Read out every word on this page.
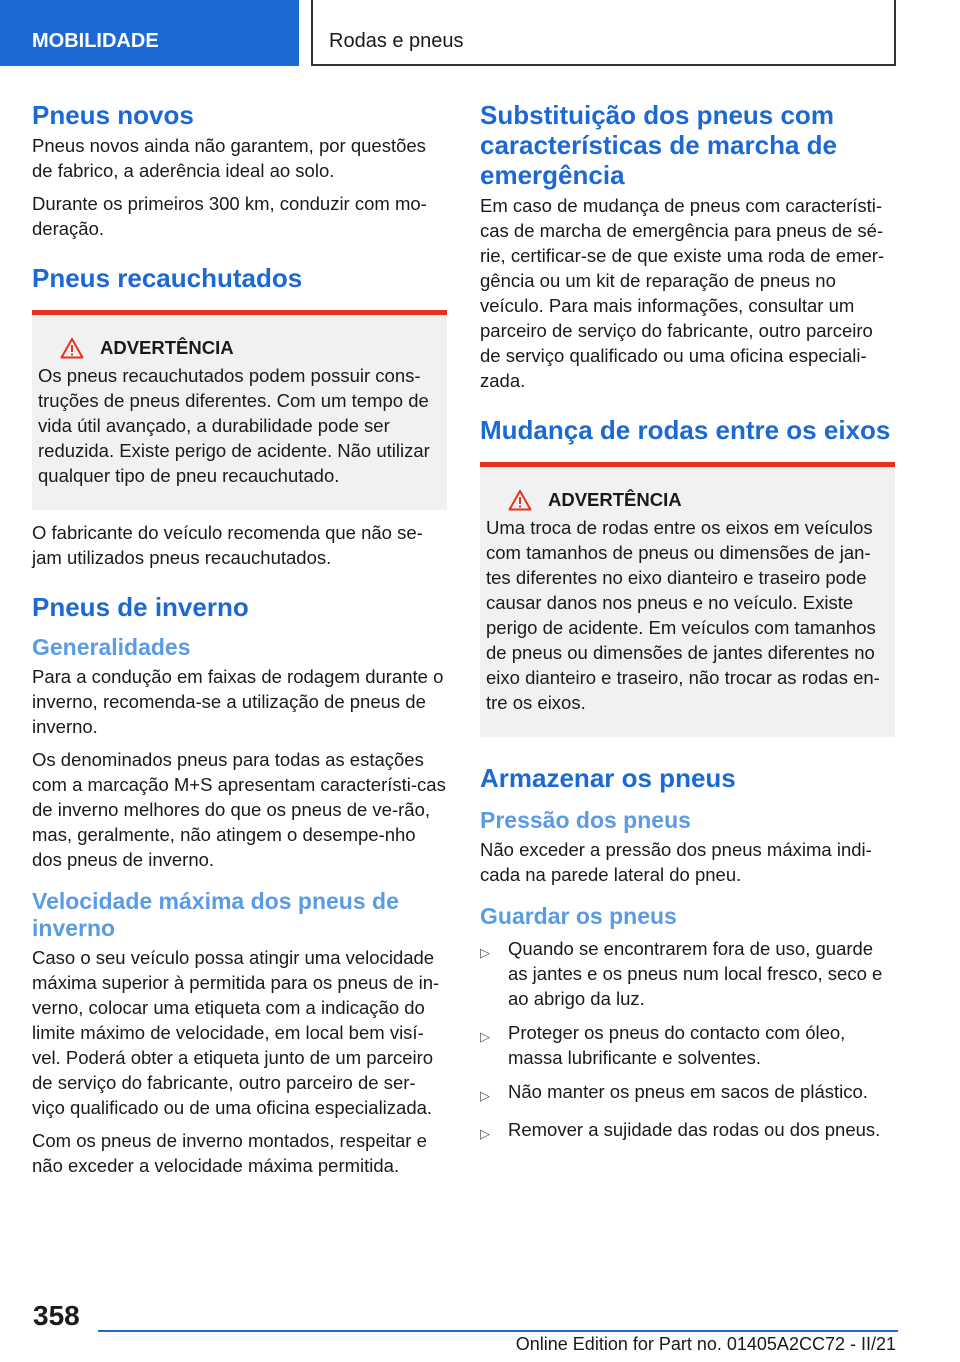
MOBILIDADE	Rodas e pneus
Pneus novos
Pneus novos ainda não garantem, por questões de fabrico, a aderência ideal ao solo.
Durante os primeiros 300 km, conduzir com mo‐deração.
Pneus recauchutados
ADVERTÊNCIA
Os pneus recauchutados podem possuir cons‐truções de pneus diferentes. Com um tempo de vida útil avançado, a durabilidade pode ser reduzida. Existe perigo de acidente. Não utilizar qualquer tipo de pneu recauchutado.
O fabricante do veículo recomenda que não se‐jam utilizados pneus recauchutados.
Pneus de inverno
Generalidades
Para a condução em faixas de rodagem durante o inverno, recomenda-se a utilização de pneus de inverno.
Os denominados pneus para todas as estações com a marcação M+S apresentam característi‐cas de inverno melhores do que os pneus de ve‐rão, mas, geralmente, não atingem o desempe‐nho dos pneus de inverno.
Velocidade máxima dos pneus de inverno
Caso o seu veículo possa atingir uma velocidade máxima superior à permitida para os pneus de in‐verno, colocar uma etiqueta com a indicação do limite máximo de velocidade, em local bem visí‐vel. Poderá obter a etiqueta junto de um parceiro de serviço do fabricante, outro parceiro de ser‐viço qualificado ou de uma oficina especializada.
Com os pneus de inverno montados, respeitar e não exceder a velocidade máxima permitida.
Substituição dos pneus com características de marcha de emergência
Em caso de mudança de pneus com característi‐cas de marcha de emergência para pneus de sé‐rie, certificar-se de que existe uma roda de emer‐gência ou um kit de reparação de pneus no veículo. Para mais informações, consultar um parceiro de serviço do fabricante, outro parceiro de serviço qualificado ou uma oficina especiali‐zada.
Mudança de rodas entre os eixos
ADVERTÊNCIA
Uma troca de rodas entre os eixos em veículos com tamanhos de pneus ou dimensões de jan‐tes diferentes no eixo dianteiro e traseiro pode causar danos nos pneus e no veículo. Existe perigo de acidente. Em veículos com tamanhos de pneus ou dimensões de jantes diferentes no eixo dianteiro e traseiro, não trocar as rodas en‐tre os eixos.
Armazenar os pneus
Pressão dos pneus
Não exceder a pressão dos pneus máxima indi‐cada na parede lateral do pneu.
Guardar os pneus
▷ Quando se encontrarem fora de uso, guarde as jantes e os pneus num local fresco, seco e ao abrigo da luz.
▷ Proteger os pneus do contacto com óleo, massa lubrificante e solventes.
▷ Não manter os pneus em sacos de plástico.
▷ Remover a sujidade das rodas ou dos pneus.
358
Online Edition for Part no. 01405A2CC72 - II/21
